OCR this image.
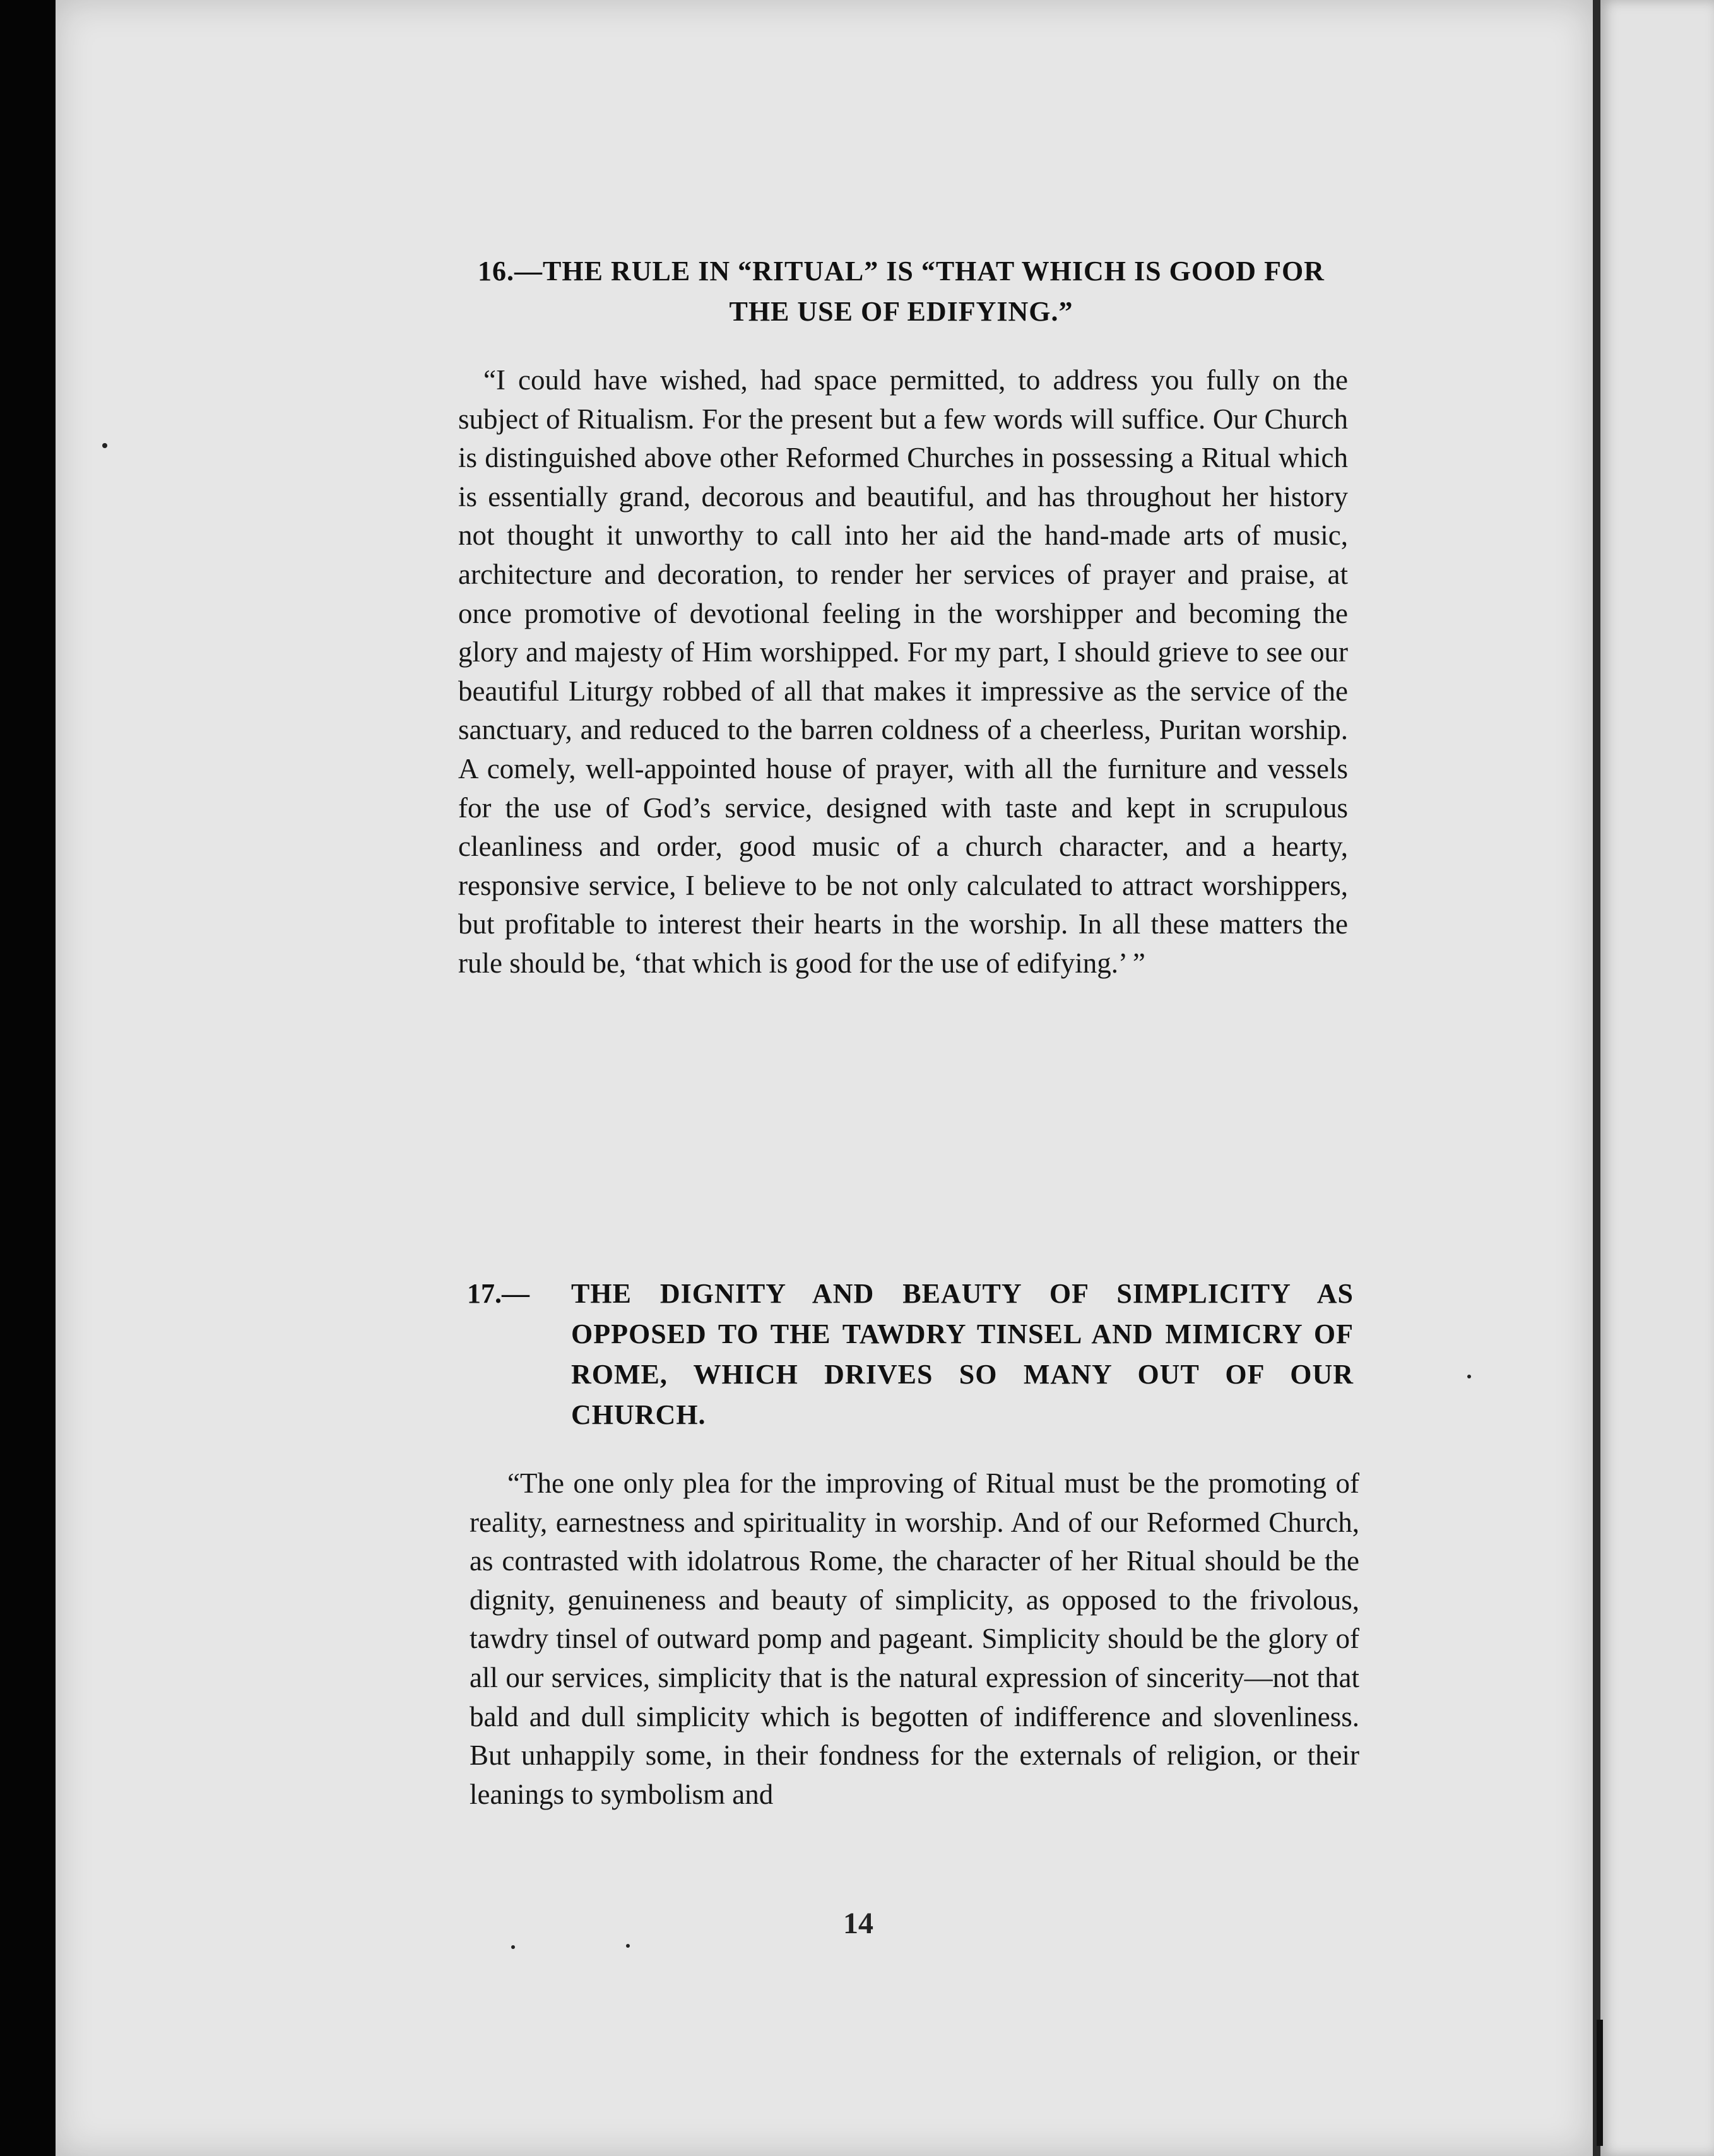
16.—THE RULE IN “RITUAL” IS “THAT WHICH IS GOOD FOR THE USE OF EDIFYING.”

“I could have wished, had space permitted, to address you fully on the subject of Ritualism. For the present but a few words will suffice. Our Church is distinguished above other Reformed Churches in possessing a Ritual which is essentially grand, decorous and beautiful, and has throughout her history not thought it unworthy to call into her aid the hand-made arts of music, architecture and decoration, to render her services of prayer and praise, at once promotive of devotional feeling in the worshipper and becoming the glory and majesty of Him worshipped. For my part, I should grieve to see our beautiful Liturgy robbed of all that makes it impressive as the service of the sanctuary, and reduced to the barren coldness of a cheerless, Puritan worship. A comely, well-appointed house of prayer, with all the furniture and vessels for the use of God’s service, designed with taste and kept in scrupulous cleanliness and order, good music of a church character, and a hearty, responsive service, I believe to be not only calculated to attract worshippers, but profitable to interest their hearts in the worship. In all these matters the rule should be, ‘that which is good for the use of edifying.’ ”

17.— THE DIGNITY AND BEAUTY OF SIMPLICITY AS OPPOSED TO THE TAWDRY TINSEL AND MIMICRY OF ROME, WHICH DRIVES SO MANY OUT OF OUR CHURCH.

“The one only plea for the improving of Ritual must be the promoting of reality, earnestness and spirituality in worship. And of our Reformed Church, as contrasted with idolatrous Rome, the character of her Ritual should be the dignity, genuineness and beauty of simplicity, as opposed to the frivolous, tawdry tinsel of outward pomp and pageant. Simplicity should be the glory of all our services, simplicity that is the natural expression of sincerity—not that bald and dull simplicity which is begotten of indifference and slovenliness. But unhappily some, in their fondness for the externals of religion, or their leanings to symbolism and

14
